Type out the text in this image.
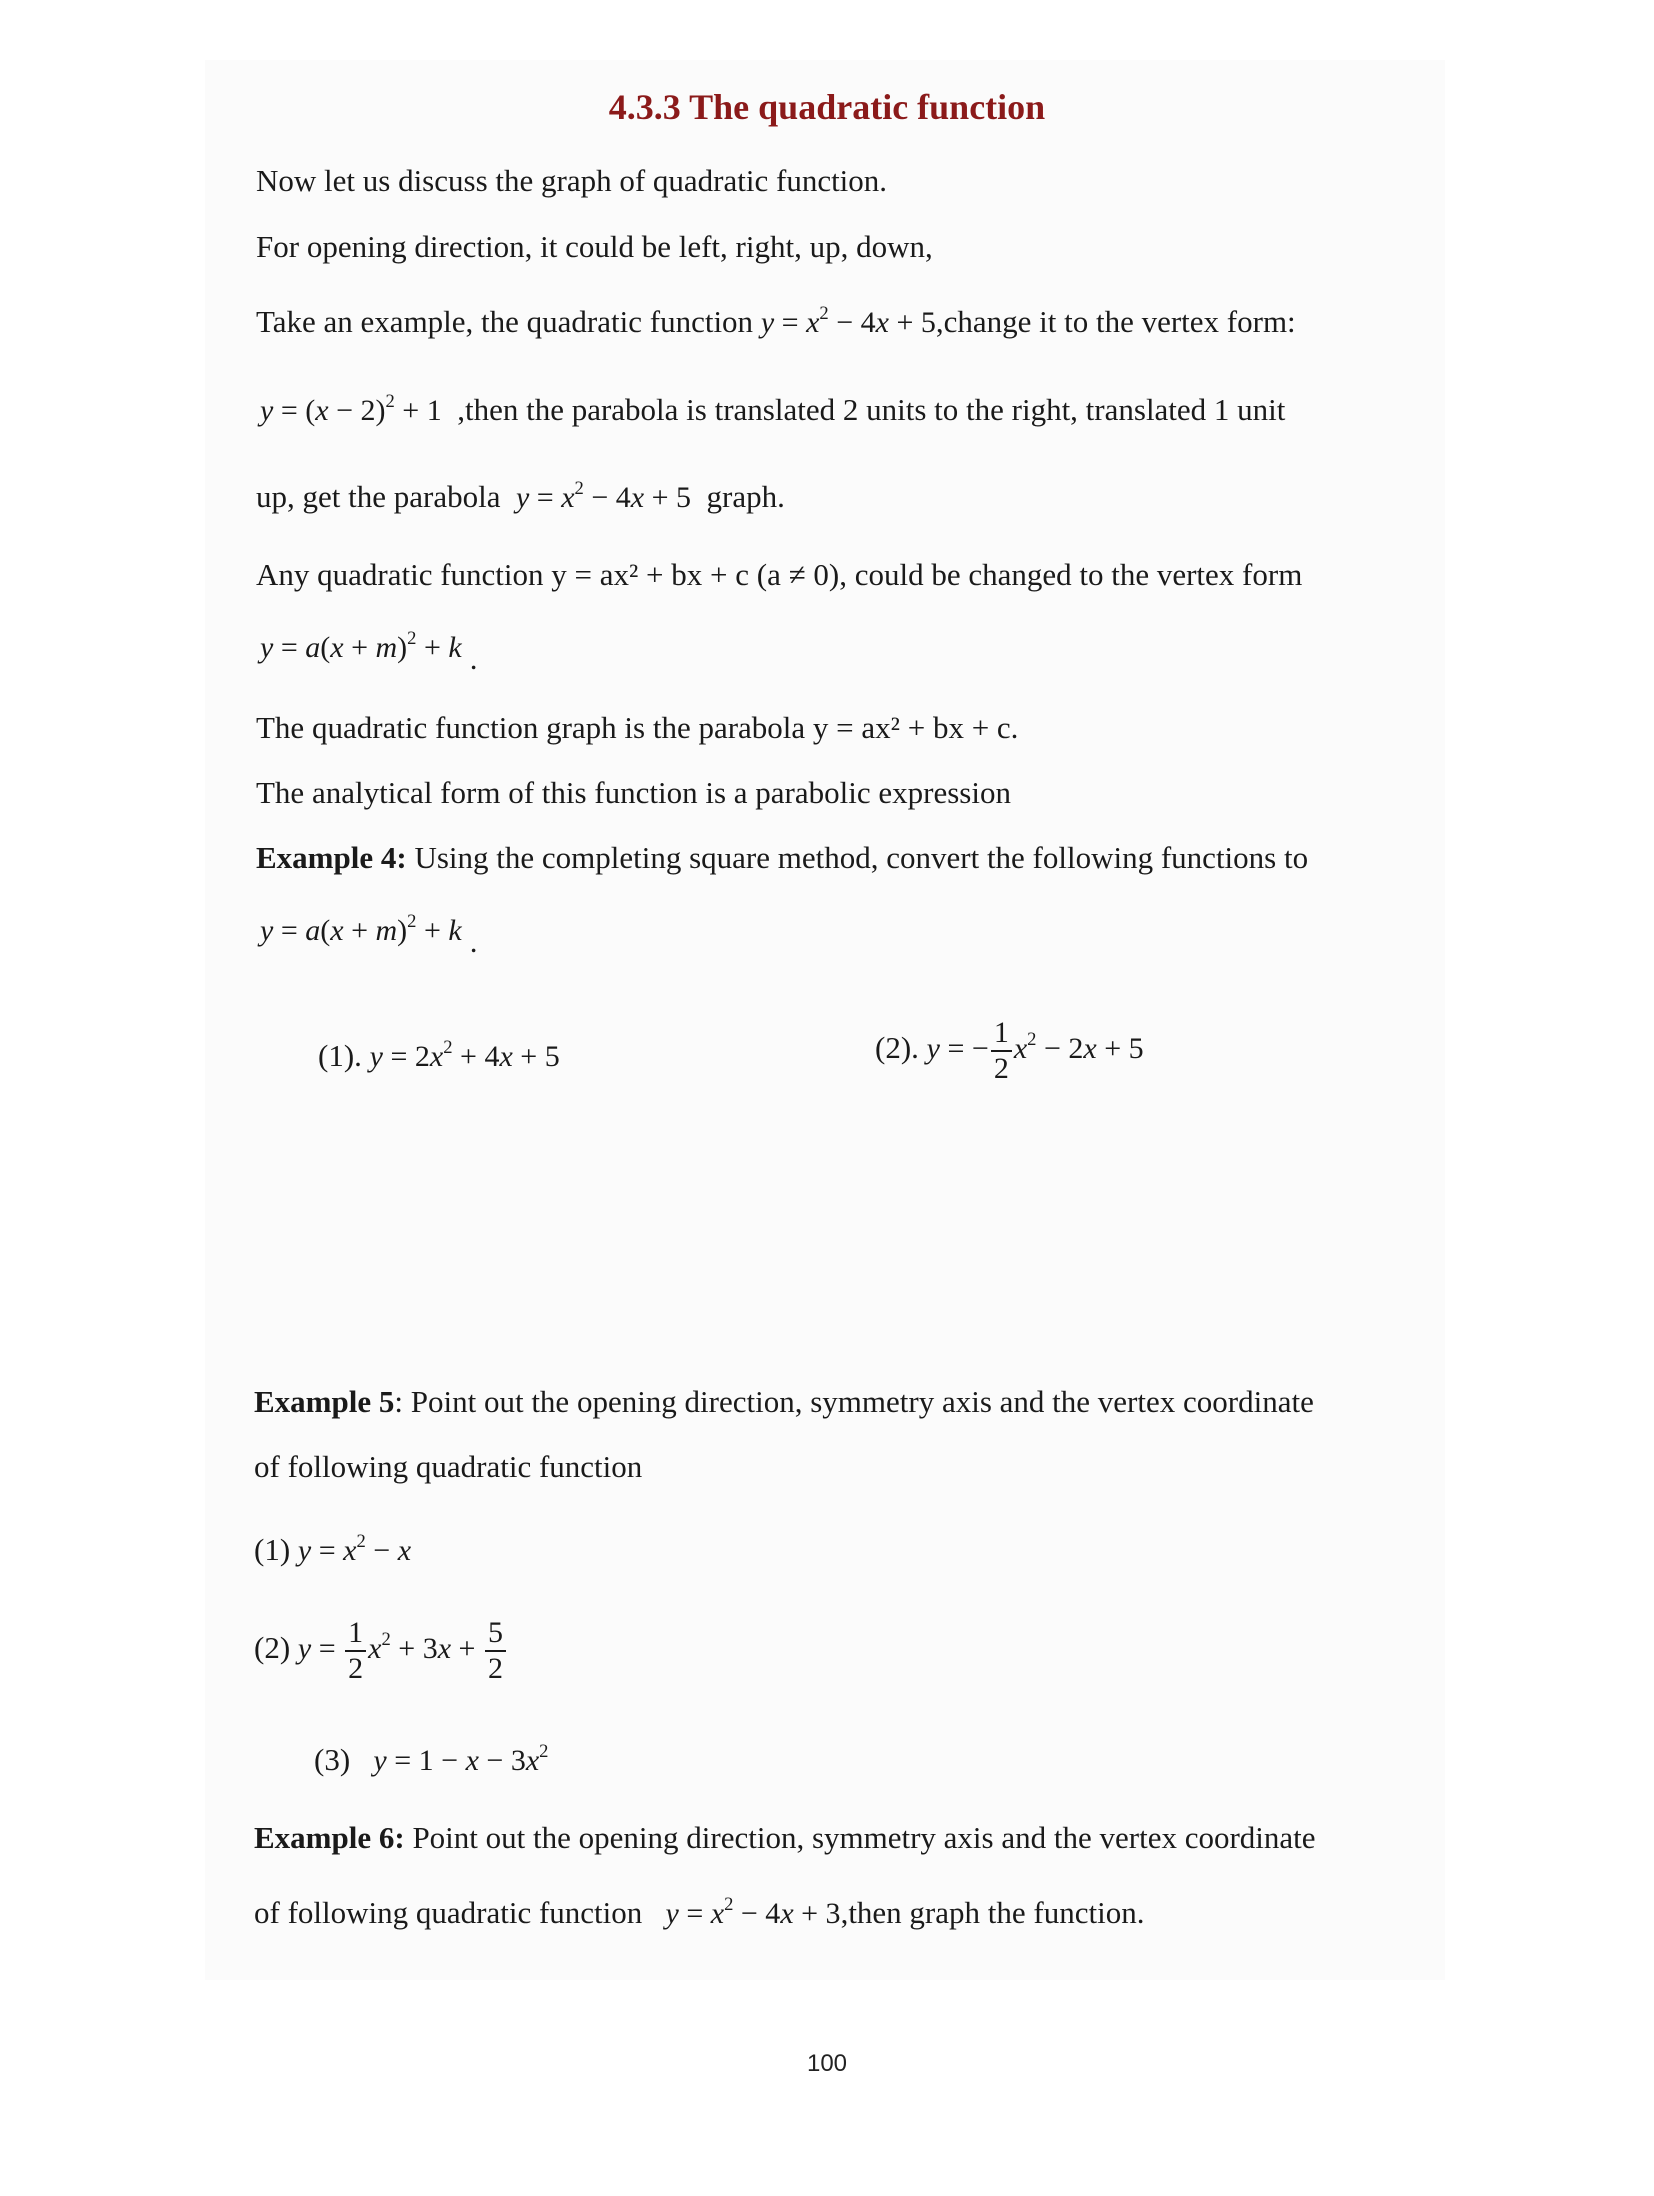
4.3.3 The quadratic function
Now let us discuss the graph of quadratic function.
For opening direction, it could be left, right, up, down,
Take an example, the quadratic function $y = x^2 - 4x$ + 5,change it to the vertex form:
$y = (x - 2)^2 + 1$ ,then the parabola is translated 2 units to the right, translated 1 unit
up, get the parabola $y = x^2 - 4x + 5$ graph.
Any quadratic function y = ax² + bx + c (a ≠ 0), could be changed to the vertex form
$y = a(x + m)^2 + k$ .
The quadratic function graph is the parabola y = ax² + bx + c.
The analytical form of this function is a parabolic expression
Example 4: Using the completing square method, convert the following functions to
$y = a(x + m)^2 + k$ .
(1). $y = 2x^2 + 4x + 5$	(2). y = − $\frac{1}{2} x^2 - 2x + 5$
Example 5: Point out the opening direction, symmetry axis and the vertex coordinate
of following quadratic function
(1) $y = x^2 - x$
(2) $y = \frac{1}{2} x^2 + 3x + \frac{5}{2}$
(3) $y = 1 - x - 3x^2$
Example 6: Point out the opening direction, symmetry axis and the vertex coordinate
of following quadratic function $y = x^2 - 4x$ + 3,then graph the function.
100
